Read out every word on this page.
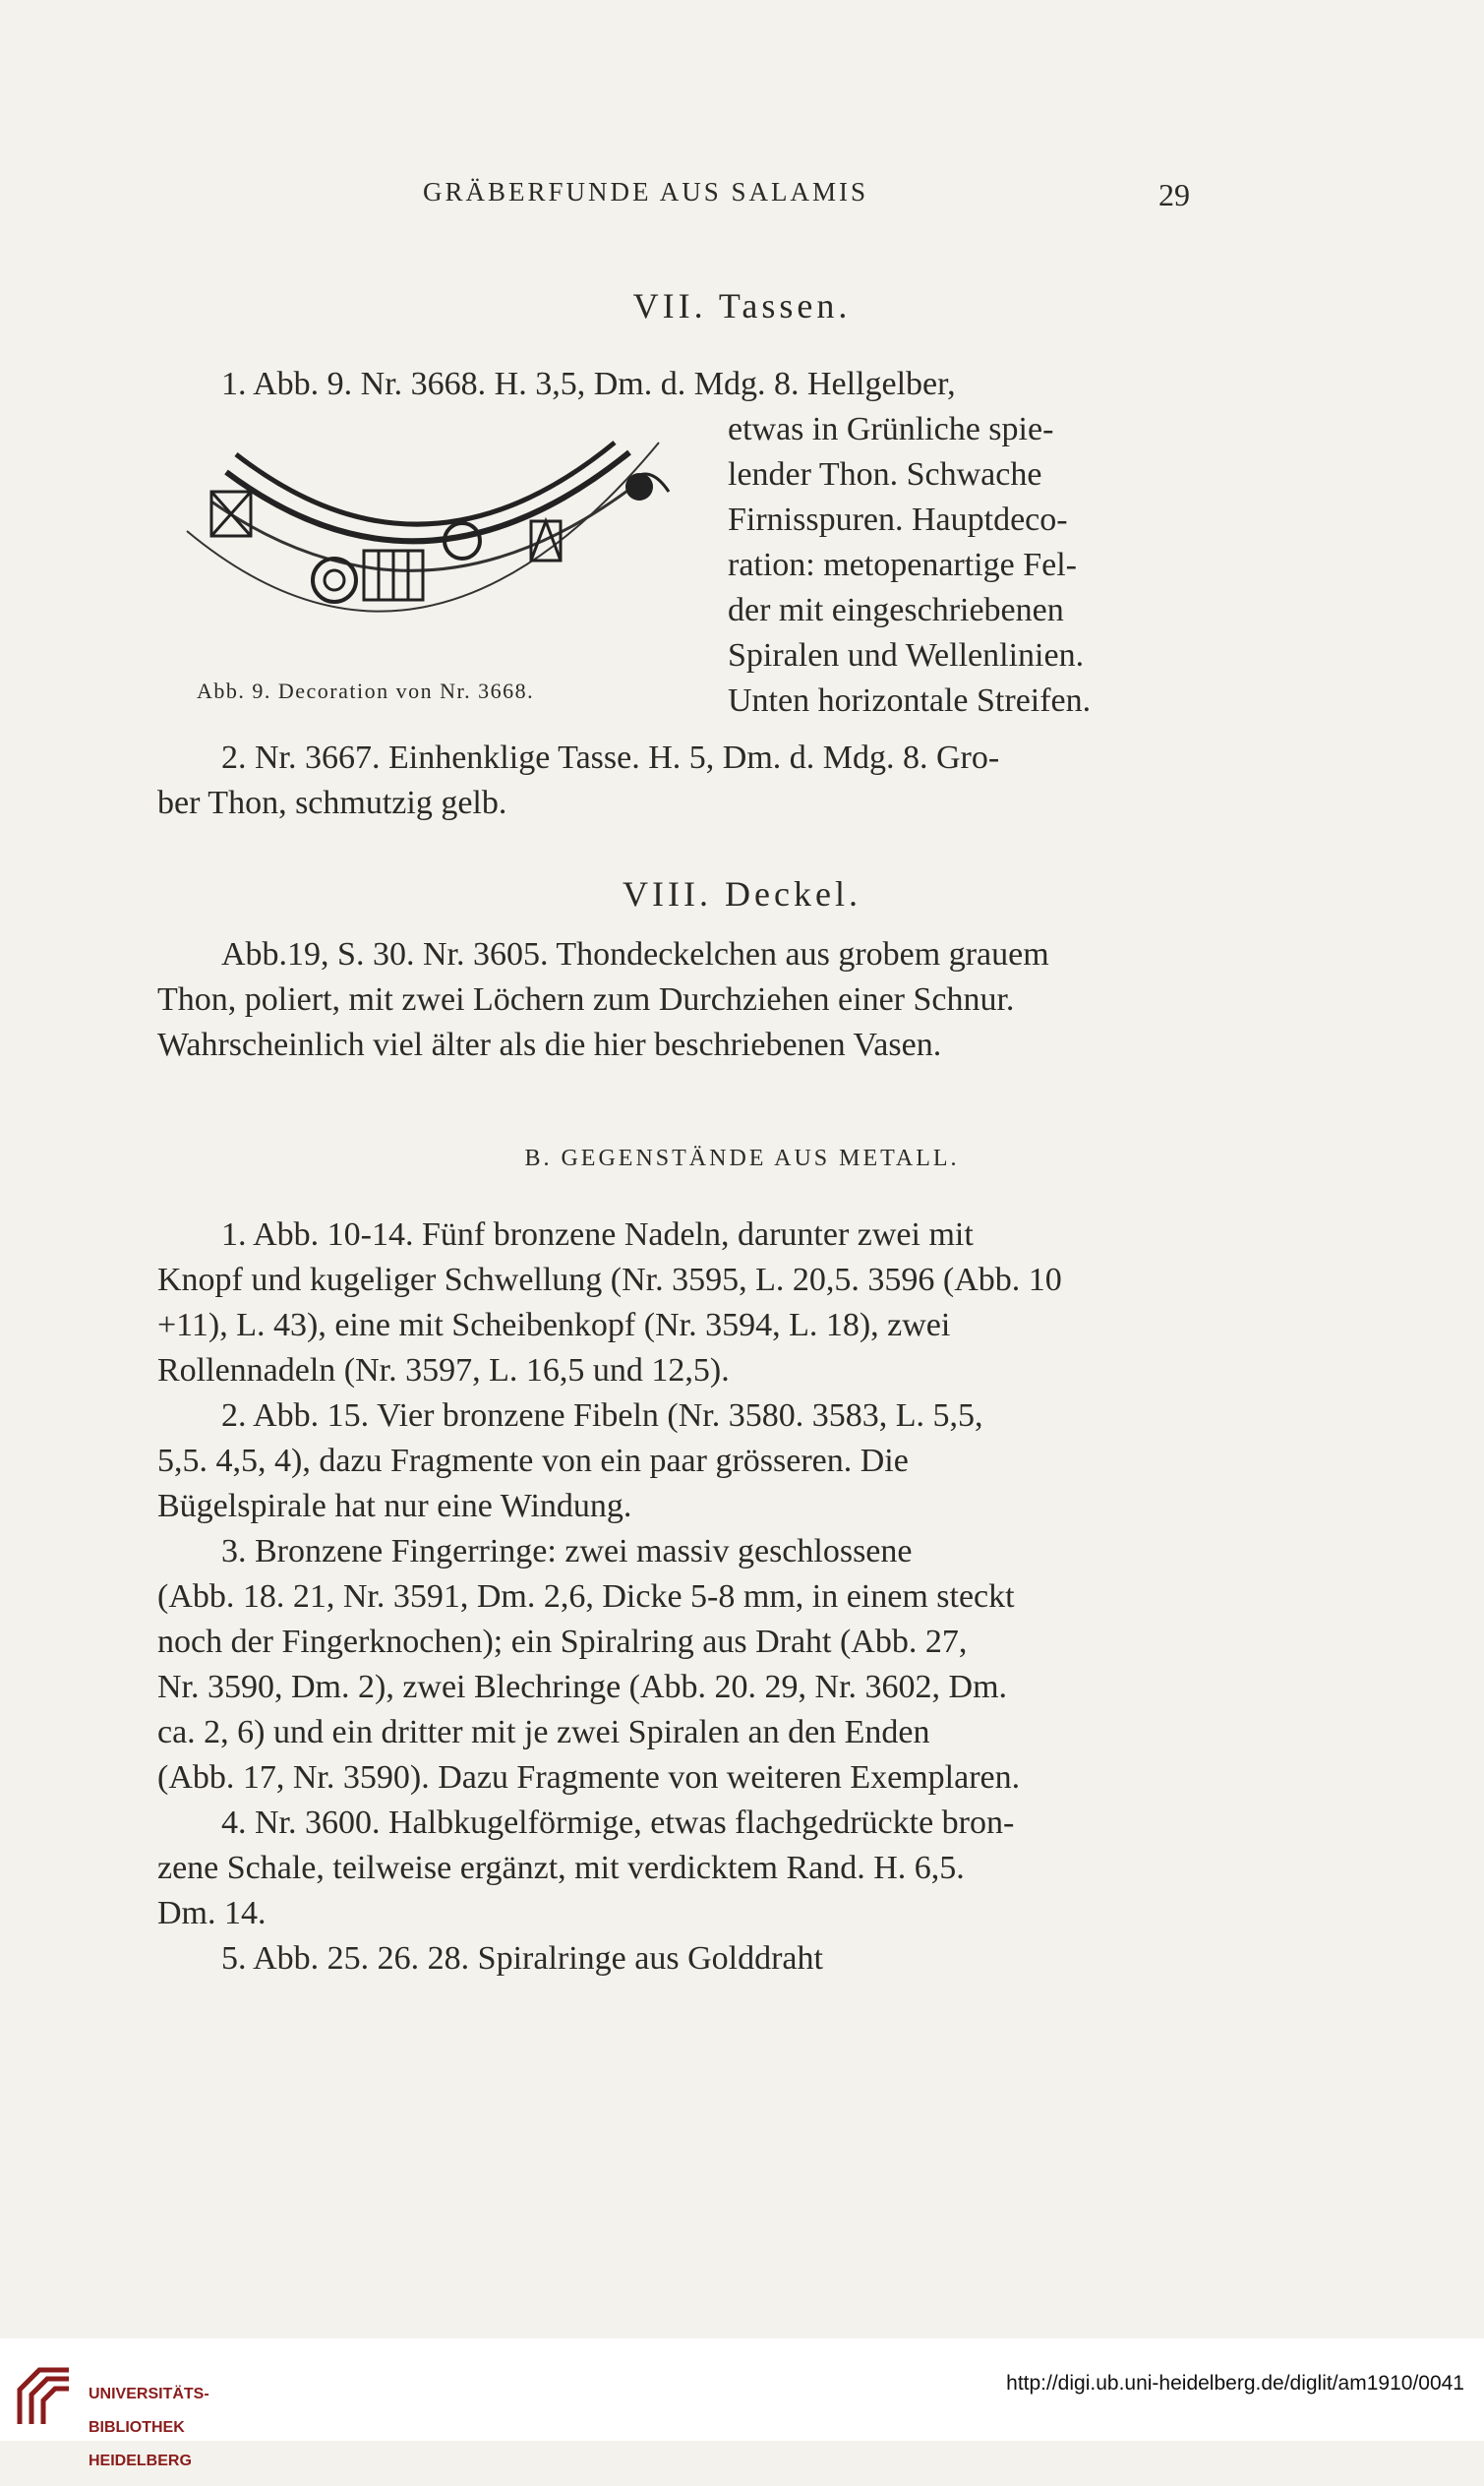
GRÄBERFUNDE AUS SALAMIS	29
VII. Tassen.
1. Abb. 9. Nr. 3668. H. 3,5, Dm. d. Mdg. 8. Hellgelber,

etwas in Grünliche spie-

lender Thon. Schwache

Firnisspuren. Hauptdeco-

ration: metopenartige Fel-

der mit eingeschriebenen

Spiralen und Wellenlinien.

Unten horizontale Streifen.

Abb. 9. Decoration von Nr. 3668.
2. Nr. 3667. Einhenklige Tasse. H. 5, Dm. d. Mdg. 8. Gro-
ber Thon, schmutzig gelb.
VIII. Deckel.

Abb.19, S. 30. Nr. 3605. Thondeckelchen aus grobem grauem

Thon, poliert, mit zwei Löchern zum Durchziehen einer Schnur.

Wahrscheinlich viel älter als die hier beschriebenen Vasen.

B. GEGENSTÄNDE AUS METALL.

1. Abb. 10-14. Fünf bronzene Nadeln, darunter zwei mit

Knopf und kugeliger Schwellung (Nr. 3595, L. 20,5. 3596 (Abb. 10

+11), L. 43), eine mit Scheibenkopf (Nr. 3594, L. 18), zwei

Rollennadeln (Nr. 3597, L. 16,5 und 12,5).

2. Abb. 15. Vier bronzene Fibeln (Nr. 3580. 3583, L. 5,5,

5,5. 4,5, 4), dazu Fragmente von ein paar grösseren. Die

Bügelspirale hat nur eine Windung.

3. Bronzene Fingerringe: zwei massiv geschlossene

(Abb. 18. 21, Nr. 3591, Dm. 2,6, Dicke 5-8 mm, in einem steckt

noch der Fingerknochen); ein Spiralring aus Draht (Abb. 27,

Nr. 3590, Dm. 2), zwei Blechringe (Abb. 20. 29, Nr. 3602, Dm.

ca. 2, 6) und ein dritter mit je zwei Spiralen an den Enden

(Abb. 17, Nr. 3590). Dazu Fragmente von weiteren Exemplaren.

4. Nr. 3600. Halbkugelförmige, etwas flachgedrückte bron-

zene Schale, teilweise ergänzt, mit verdicktem Rand. H. 6,5.

Dm. 14.

5. Abb. 25. 26. 28. Spiralringe aus Golddraht

UNIVERSITÄTS-

BIBLIOTHEK

HEIDELBERG

http://digi.ub.uni-heidelberg.de/diglit/am1910/0041
